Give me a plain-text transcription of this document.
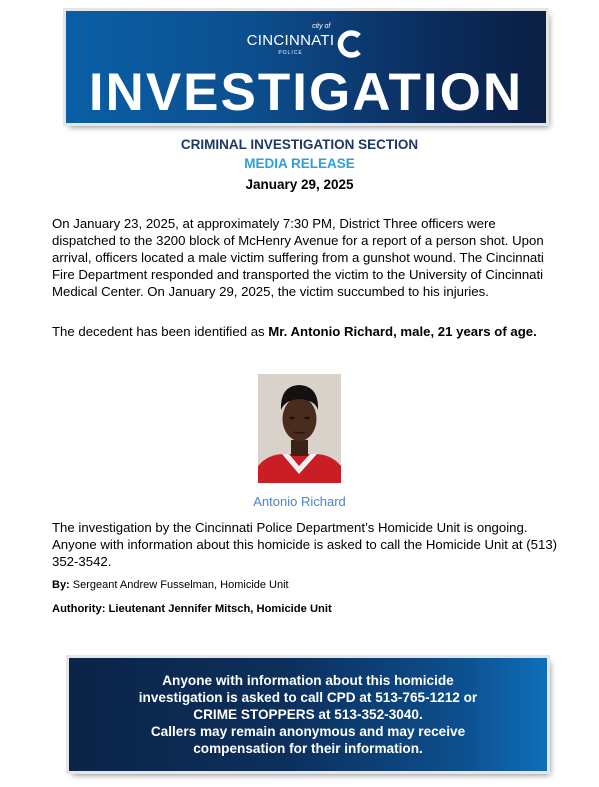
city of
CINCINNATI
POLICE
INVESTIGATION
CRIMINAL INVESTIGATION SECTION
MEDIA RELEASE
January 29, 2025
On January 23, 2025, at approximately 7:30 PM, District Three officers were dispatched to the 3200 block of McHenry Avenue for a report of a person shot. Upon arrival, officers located a male victim suffering from a gunshot wound. The Cincinnati Fire Department responded and transported the victim to the University of Cincinnati Medical Center. On January 29, 2025, the victim succumbed to his injuries.
The decedent has been identified as Mr. Antonio Richard, male, 21 years of age.
Antonio Richard
The investigation by the Cincinnati Police Department’s Homicide Unit is ongoing. Anyone with information about this homicide is asked to call the Homicide Unit at (513) 352-3542.
By: Sergeant Andrew Fusselman, Homicide Unit
Authority: Lieutenant Jennifer Mitsch, Homicide Unit
Anyone with information about this homicide
investigation is asked to call CPD at 513-765-1212 or
CRIME STOPPERS at 513-352-3040.
Callers may remain anonymous and may receive
compensation for their information.
